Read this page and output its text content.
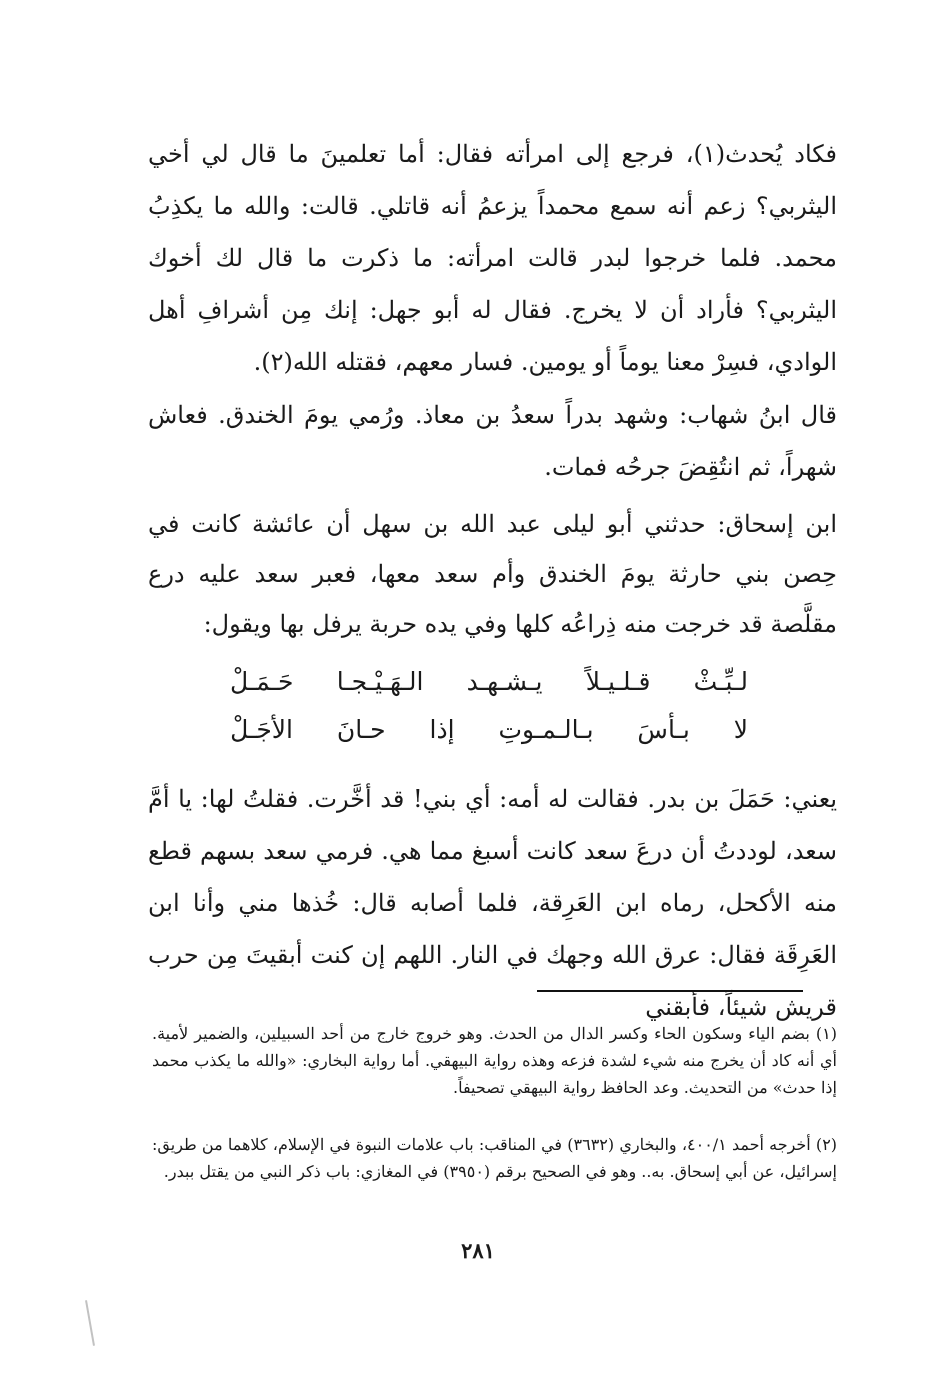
فكاد يُحدث(١)، فرجع إلى امرأته فقال: أما تعلمينَ ما قال لي أخي اليثربي؟ زعم أنه سمع محمداً يزعمُ أنه قاتلي. قالت: والله ما يكذِبُ محمد. فلما خرجوا لبدر قالت امرأته: ما ذكرت ما قال لك أخوك اليثربي؟ فأراد أن لا يخرج. فقال له أبو جهل: إنك مِن أشرافِ أهل الوادي، فسِرْ معنا يوماً أو يومين. فسار معهم، فقتله الله(٢).

قال ابنُ شهاب: وشهد بدراً سعدُ بن معاذ. ورُمي يومَ الخندق. فعاش شهراً، ثم انتُقِضَ جرحُه فمات.

ابن إسحاق: حدثني أبو ليلى عبد الله بن سهل أن عائشة كانت في حِصن بني حارثة يومَ الخندق وأم سعد معها، فعبر سعد عليه درع مقلَّصة قد خرجت منه ذِراعُه كلها وفي يده حربة يرفل بها ويقول:

لـبِّـثْ
قـلـيـلاً
يـشـهـد
الـهَـيْـجـا
حَـمَـلْ
لا
بـأسَ
بـالـمـوتِ
إذا
حـانَ
الأجَـلْ

يعني: حَمَلَ بن بدر. فقالت له أمه: أي بني! قد أخَّرت. فقلتُ لها: يا أمَّ سعد، لوددتُ أن درعَ سعد كانت أسبغ مما هي. فرمي سعد بسهم قطع منه الأكحل، رماه ابن العَرِقة، فلما أصابه قال: خُذها مني وأنا ابن العَرِقَة فقال: عرق الله وجهك في النار. اللهم إن كنت أبقيتَ مِن حرب قريش شيئاً، فأبقني

(١) بضم الياء وسكون الحاء وكسر الدال من الحدث. وهو خروج خارج من أحد السبيلين، والضمير لأمية. أي أنه كاد أن يخرج منه شيء لشدة فزعه وهذه رواية البيهقي. أما رواية البخاري: «والله ما يكذب محمد إذا حدث» من التحديث. وعد الحافظ رواية البيهقي تصحيفاً.

(٢) أخرجه أحمد ٤٠٠/١، والبخاري (٣٦٣٢) في المناقب: باب علامات النبوة في الإسلام، كلاهما من طريق: إسرائيل، عن أبي إسحاق. به.. وهو في الصحيح برقم (٣٩٥٠) في المغازي: باب ذكر النبي من يقتل ببدر.

٢٨١
